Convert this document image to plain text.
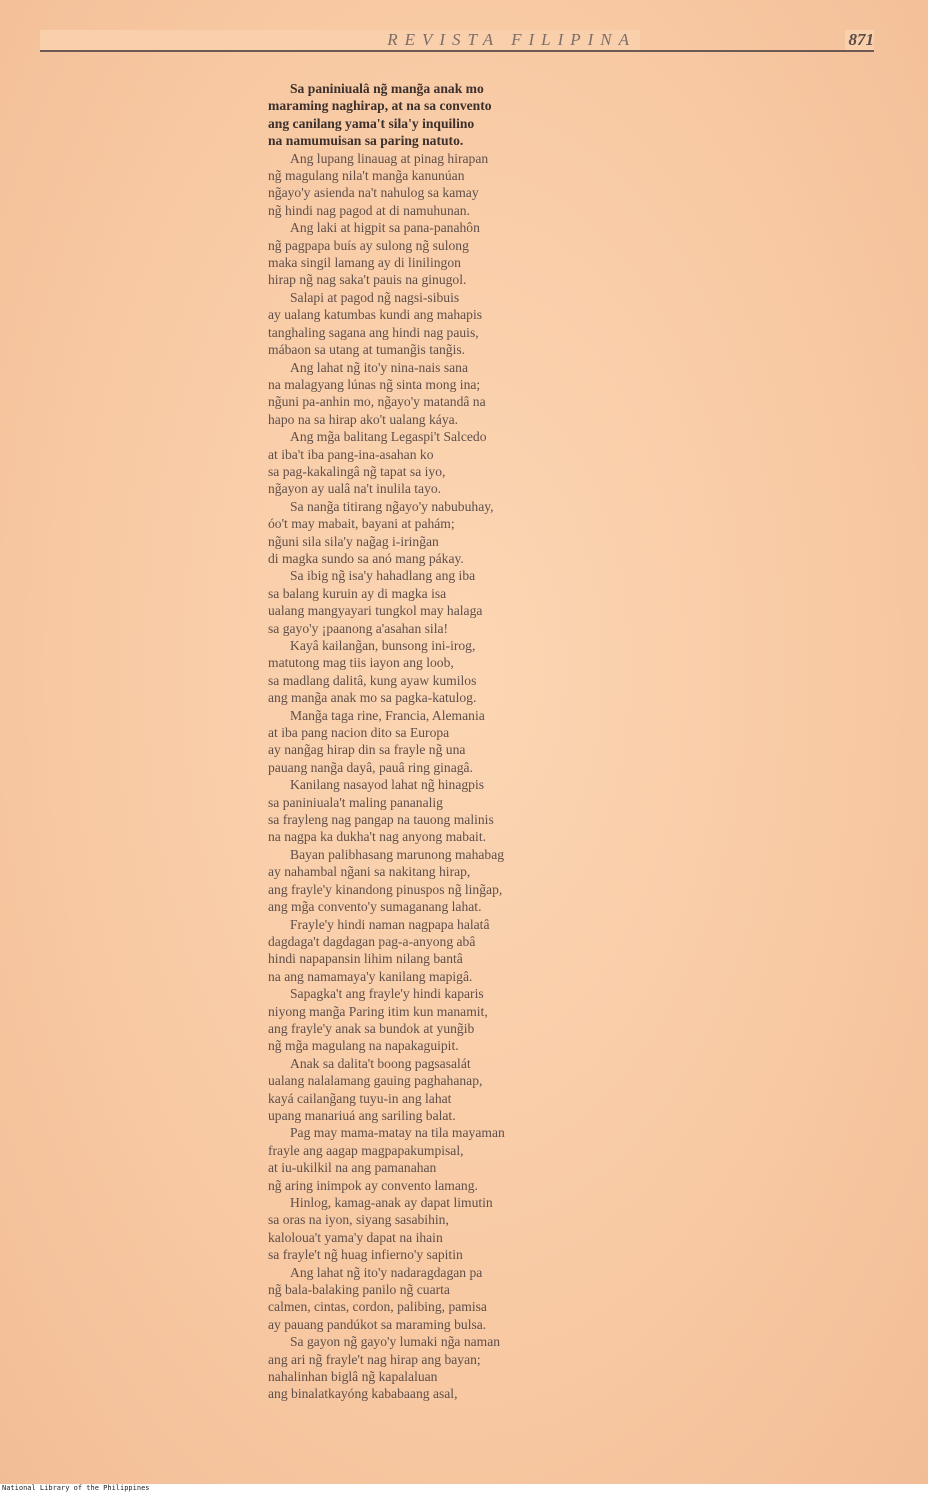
REVISTA FILIPINA	871
Sa paniniualâ ng̃ mang̃a anak mo
maraming naghirap, at na sa convento
ang canilang yama't sila'y inquilino
na namumuisan sa paring natuto.
Ang lupang linauag at pinag hirapan
ng̃ magulang nila't mang̃a kanunúan
ng̃ayo'y asienda na't nahulog sa kamay
ng̃ hindi nag pagod at di namuhunan.
Ang laki at higpit sa pana-panahôn
ng̃ pagpapa buís ay sulong ng̃ sulong
maka singil lamang ay di linilingon
hirap ng̃ nag saka't pauis na ginugol.
Salapi at pagod ng̃ nagsi-sibuis
ay ualang katumbas kundi ang mahapis
tanghaling sagana ang hindi nag pauis,
mábaon sa utang at tumang̃is tang̃is.
Ang lahat ng̃ ito'y nina-nais sana
na malagyang lúnas ng̃ sinta mong ina;
ng̃uni pa-anhin mo, ng̃ayo'y matandâ na
hapo na sa hirap ako't ualang káya.
Ang mg̃a balitang Legaspi't Salcedo
at iba't iba pang-ina-asahan ko
sa pag-kakalingâ ng̃ tapat sa iyo,
ng̃ayon ay ualâ na't inulila tayo.
Sa nang̃a titirang ng̃ayo'y nabubuhay,
óo't may mabait, bayani at pahám;
ng̃uni sila sila'y nag̃ag i-iring̃an
di magka sundo sa anó mang pákay.
Sa ibig ng̃ isa'y hahadlang ang iba
sa balang kuruin ay di magka isa
ualang mangyayari tungkol may halaga
sa gayo'y ¡paanong a'asahan sila!
Kayâ kailang̃an, bunsong ini-irog,
matutong mag tiis iayon ang loob,
sa madlang dalitâ, kung ayaw kumilos
ang mang̃a anak mo sa pagka-katulog.
Mang̃a taga rine, Francia, Alemania
at iba pang nacion dito sa Europa
ay nang̃ag hirap din sa frayle ng̃ una
pauang nang̃a dayâ, pauâ ring ginagâ.
Kanilang nasayod lahat ng̃ hinagpis
sa paniniuala't maling pananalig
sa frayleng nag pangap na tauong malinis
na nagpa ka dukha't nag anyong mabait.
Bayan palibhasang marunong mahabag
ay nahambal ng̃ani sa nakitang hirap,
ang frayle'y kinandong pinuspos ng̃ ling̃ap,
ang mg̃a convento'y sumaganang lahat.
Frayle'y hindi naman nagpapa halatâ
dagdaga't dagdagan pag-a-anyong abâ
hindi napapansin lihim nilang bantâ
na ang namamaya'y kanilang mapigâ.
Sapagka't ang frayle'y hindi kaparis
niyong mang̃a Paring itim kun manamit,
ang frayle'y anak sa bundok at yung̃ib
ng̃ mg̃a magulang na napakaguipit.
Anak sa dalita't boong pagsasalát
ualang nalalamang gauing paghahanap,
kayá cailang̃ang tuyu-in ang lahat
upang manariuá ang sariling balat.
Pag may mama-matay na tila mayaman
frayle ang aagap magpapakumpisal,
at iu-ukilkil na ang pamanahan
ng̃ aring inimpok ay convento lamang.
Hinlog, kamag-anak ay dapat limutin
sa oras na iyon, siyang sasabihin,
kaloloua't yama'y dapat na ihain
sa frayle't ng̃ huag infierno'y sapitin
Ang lahat ng̃ ito'y nadaragdagan pa
ng̃ bala-balaking panilo ng̃ cuarta
calmen, cintas, cordon, palibing, pamisa
ay pauang pandúkot sa maraming bulsa.
Sa gayon ng̃ gayo'y lumaki ng̃a naman
ang ari ng̃ frayle't nag hirap ang bayan;
nahalinhan biglâ ng̃ kapalaluan
ang binalatkayóng kababaang asal,
National Library of the Philippines
